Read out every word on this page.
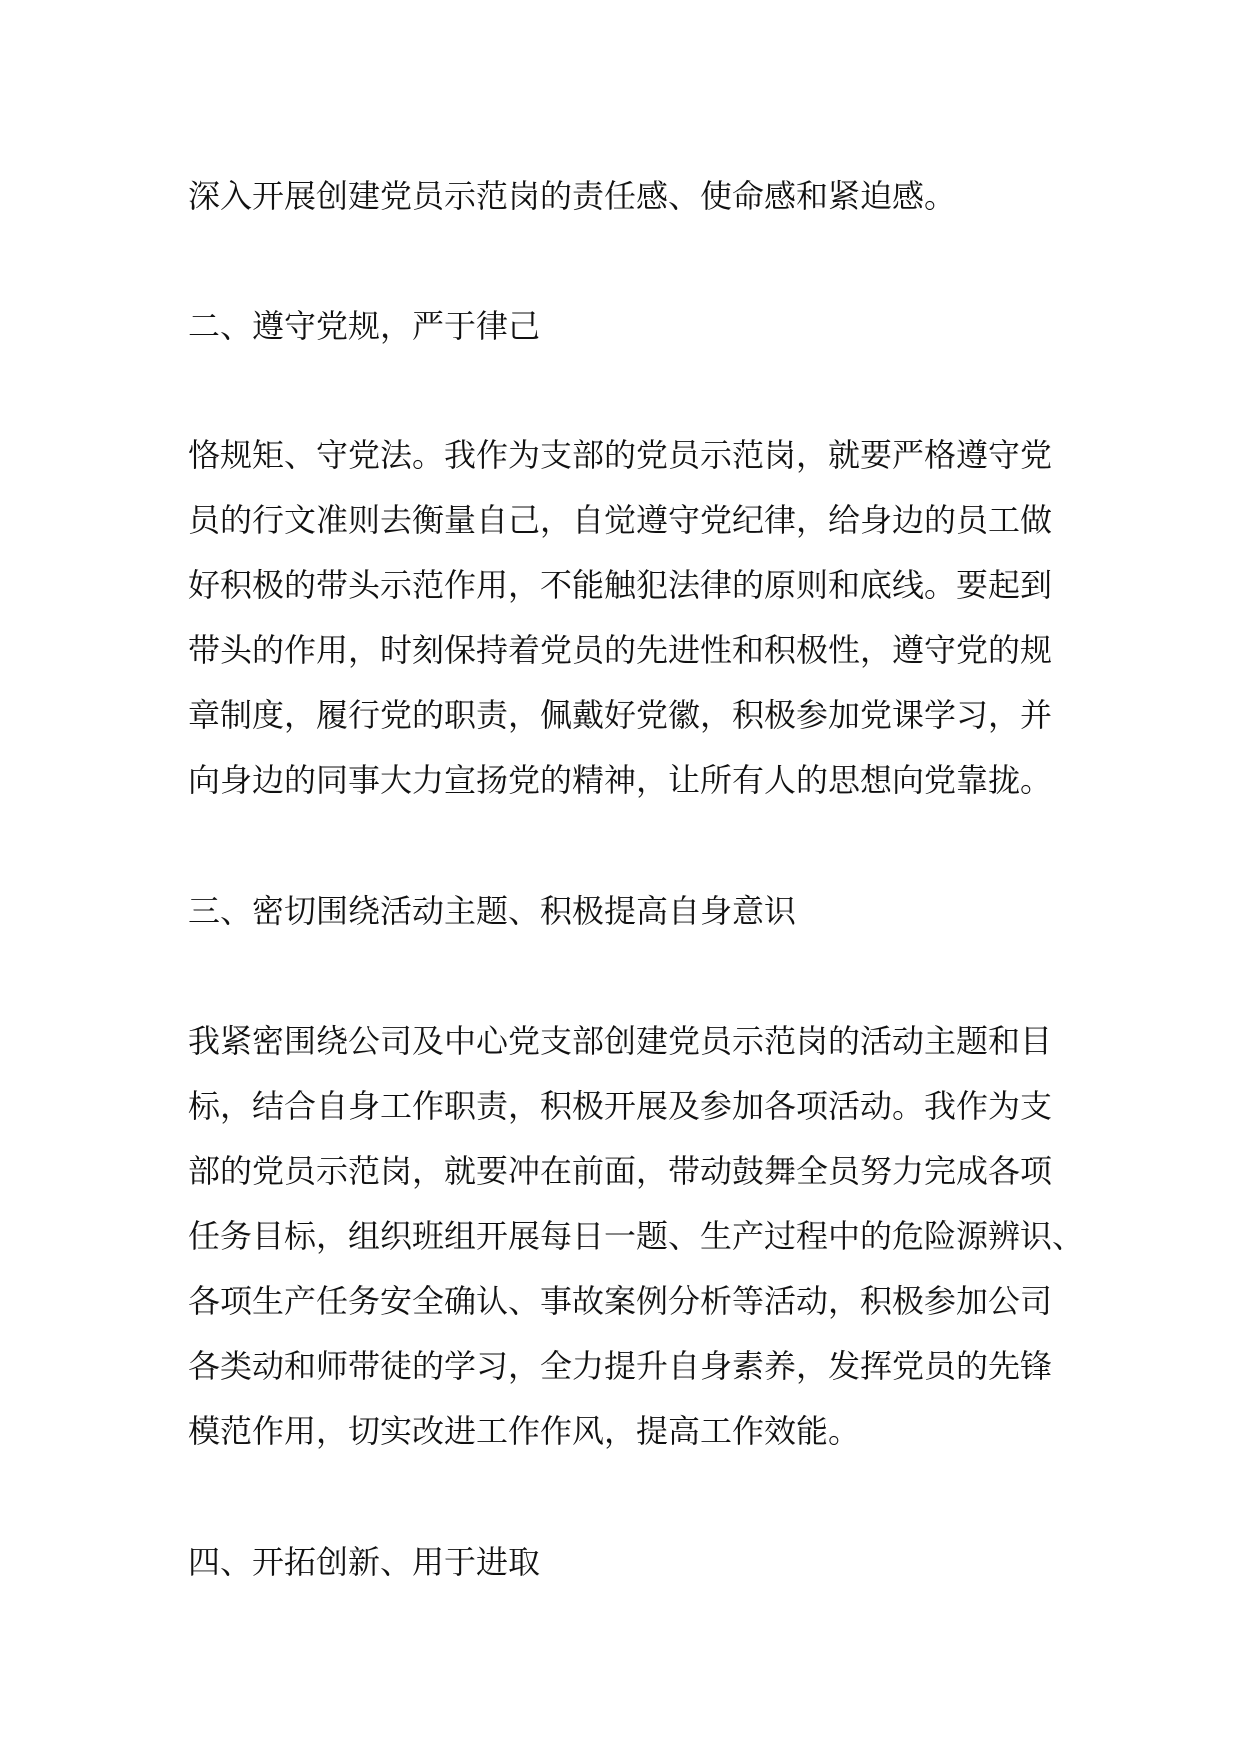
深入开展创建党员示范岗的责任感、使命感和紧迫感。

二、遵守党规，严于律己

恪规矩、守党法。我作为支部的党员示范岗，就要严格遵守党
员的行文准则去衡量自己，自觉遵守党纪律，给身边的员工做
好积极的带头示范作用，不能触犯法律的原则和底线。要起到
带头的作用，时刻保持着党员的先进性和积极性，遵守党的规
章制度，履行党的职责，佩戴好党徽，积极参加党课学习，并
向身边的同事大力宣扬党的精神，让所有人的思想向党靠拢。

三、密切围绕活动主题、积极提高自身意识

我紧密围绕公司及中心党支部创建党员示范岗的活动主题和目
标，结合自身工作职责，积极开展及参加各项活动。我作为支
部的党员示范岗，就要冲在前面，带动鼓舞全员努力完成各项
任务目标，组织班组开展每日一题、生产过程中的危险源辨识、
各项生产任务安全确认、事故案例分析等活动，积极参加公司
各类动和师带徒的学习，全力提升自身素养，发挥党员的先锋
模范作用，切实改进工作作风，提高工作效能。

四、开拓创新、用于进取
